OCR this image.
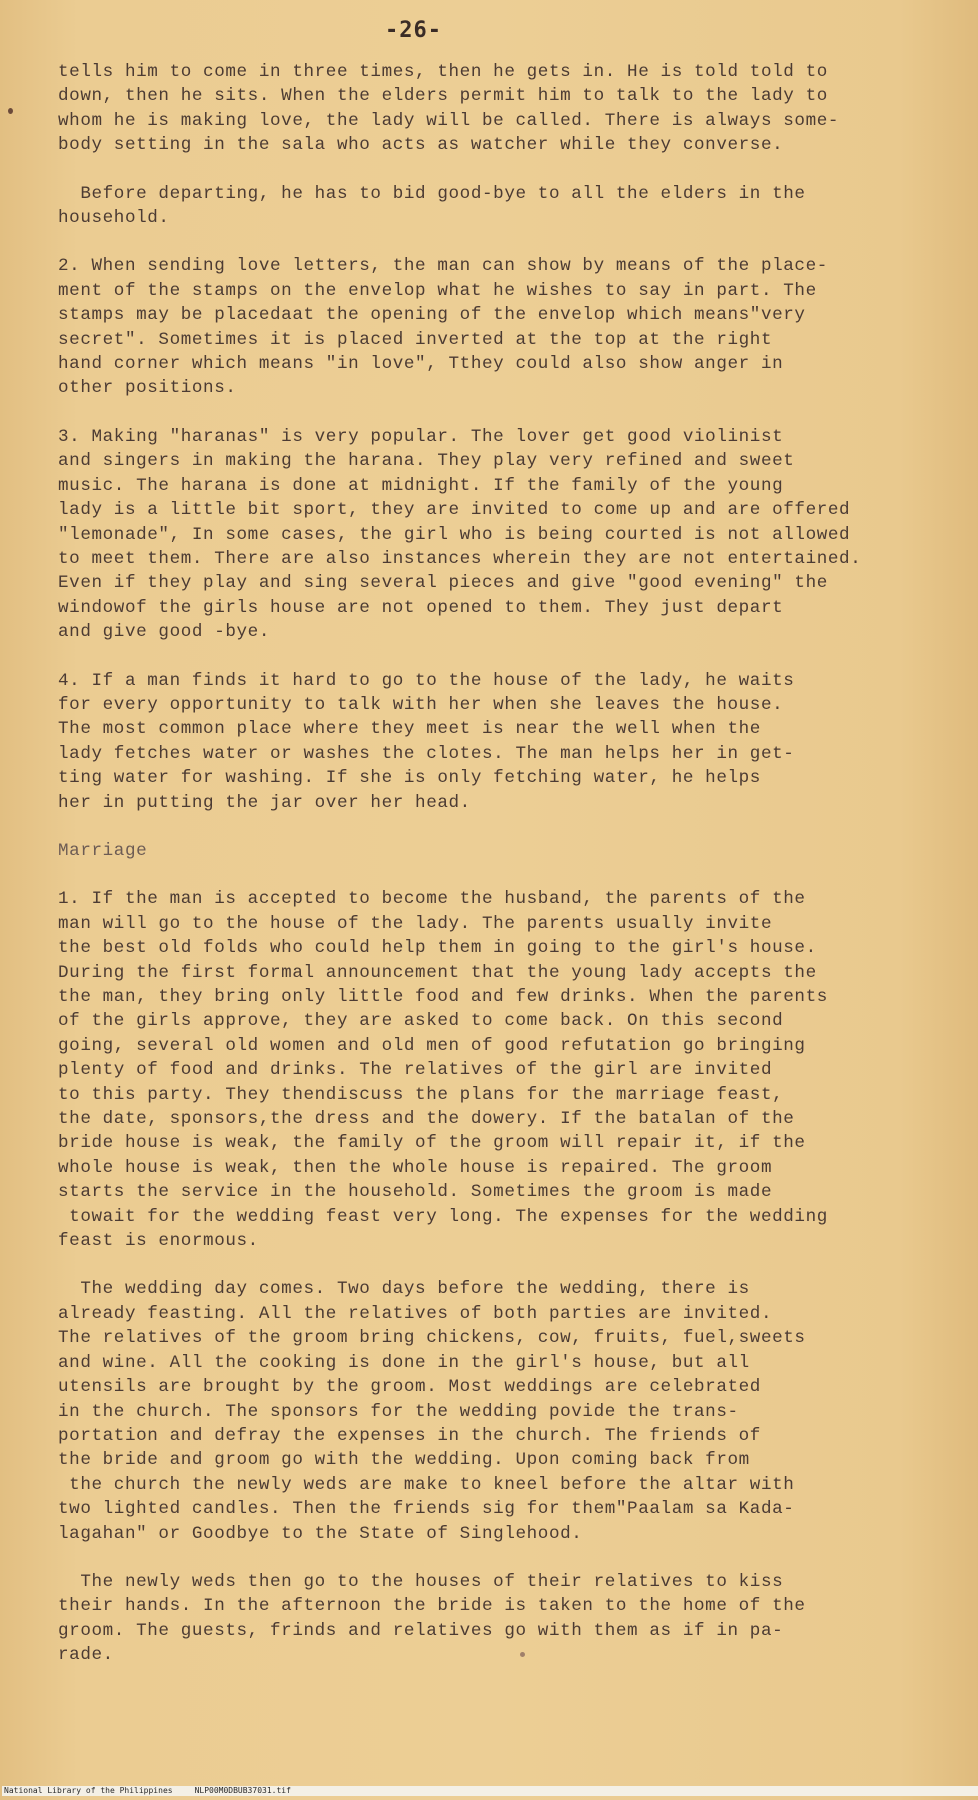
-26-
tells him to come in three times, then he gets in. He is told told to
down, then he sits. When the elders permit him to talk to the lady to
whom he is making love, the lady will be called. There is always some-
body setting in the sala who acts as watcher while they converse.
Before departing, he has to bid good-bye to all the elders in the
household.
2. When sending love letters, the man can show by means of the place-
ment of the stamps on the envelop what he wishes to say in part. The
stamps may be placedaat the opening of the envelop which means"very
secret". Sometimes it is placed inverted at the top at the right
hand corner which means "in love", Tthey could also show anger in
other positions.
3. Making "haranas" is very popular. The lover get good violinist
and singers in making the harana. They play very refined and sweet
music. The harana is done at midnight. If the family of the young
lady is a little bit sport, they are invited to come up and are offered
"lemonade", In some cases, the girl who is being courted is not allowed
to meet them. There are also instances wherein they are not entertained.
Even if they play and sing several pieces and give "good evening" the
windowof the girls house are not opened to them. They just depart
and give good -bye.
4. If a man finds it hard to go to the house of the lady, he waits
for every opportunity to talk with her when she leaves the house.
The most common place where they meet is near the well when the
lady fetches water or washes the clotes. The man helps her in get-
ting water for washing. If she is only fetching water, he helps
her in putting the jar over her head.
Marriage
1. If the man is accepted to become the husband, the parents of the
man will go to the house of the lady. The parents usually invite
the best old folds who could help them in going to the girl's house.
During the first formal announcement that the young lady accepts the
the man, they bring only little food and few drinks. When the parents
of the girls approve, they are asked to come back. On this second
going, several old women and old men of good refutation go bringing
plenty of food and drinks. The relatives of the girl are invited
to this party. They thendiscuss the plans for the marriage feast,
the date, sponsors,the dress and the dowery. If the batalan of the
bride house is weak, the family of the groom will repair it, if the
whole house is weak, then the whole house is repaired. The groom
starts the service in the household. Sometimes the groom is made
towait for the wedding feast very long. The expenses for the wedding
feast is enormous.
The wedding day comes. Two days before the wedding, there is
already feasting. All the relatives of both parties are invited.
The relatives of the groom bring chickens, cow, fruits, fuel,sweets
and wine. All the cooking is done in the girl's house, but all
utensils are brought by the groom. Most weddings are celebrated
in the church. The sponsors for the wedding povide the trans-
portation and defray the expenses in the church. The friends of
the bride and groom go with the wedding. Upon coming back from
the church the newly weds are make to kneel before the altar with
two lighted candles. Then the friends sig for them"Paalam sa Kada-
lagahan" or Goodbye to the State of Singlehood.
The newly weds then go to the houses of their relatives to kiss
their hands. In the afternoon the bride is taken to the home of the
groom. The guests, frinds and relatives go with them as if in pa-
rade.
National Library of the Philippines	NLP00M0DBUB37031.tif
